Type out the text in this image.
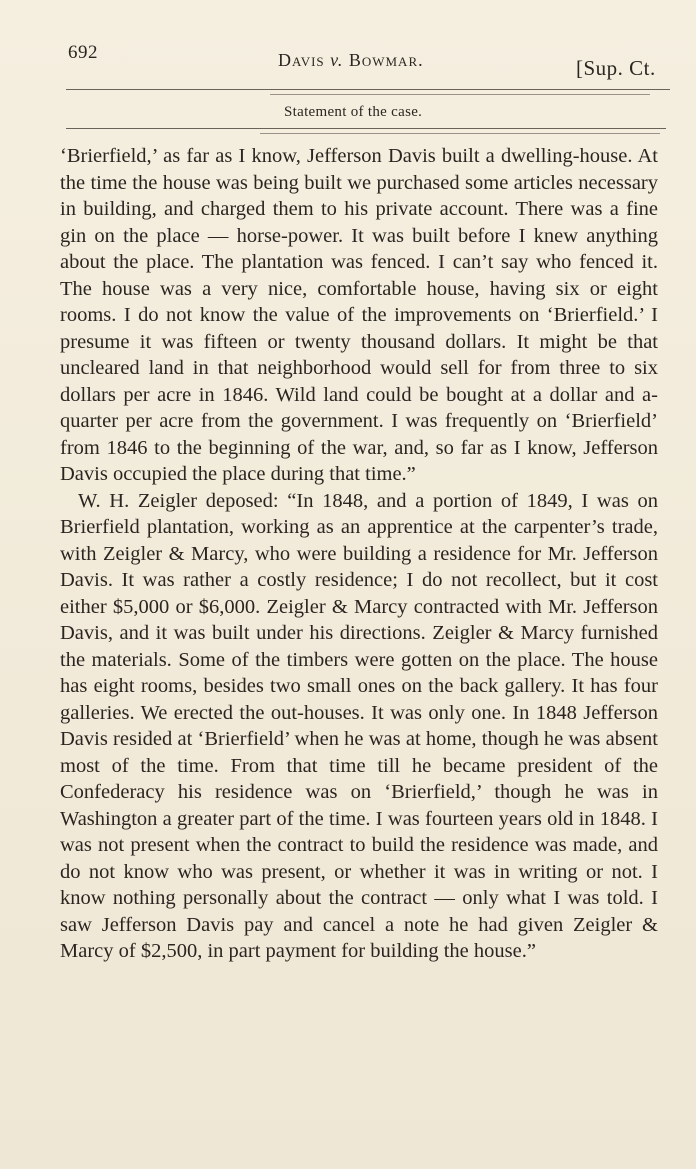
692	Davis v. Bowmar.	[Sup. Ct.
Statement of the case.

‘Brierfield,’ as far as I know, Jefferson Davis built a dwelling-house. At the time the house was being built we purchased some articles necessary in building, and charged them to his private account. There was a fine gin on the place — horse-power. It was built before I knew anything about the place. The plantation was fenced. I can’t say who fenced it. The house was a very nice, comfortable house, having six or eight rooms. I do not know the value of the improvements on ‘Brierfield.’ I presume it was fifteen or twenty thousand dollars. It might be that uncleared land in that neighborhood would sell for from three to six dollars per acre in 1846. Wild land could be bought at a dollar and a-quarter per acre from the government. I was frequently on ‘Brierfield’ from 1846 to the beginning of the war, and, so far as I know, Jefferson Davis occupied the place during that time.”

W. H. Zeigler deposed: “In 1848, and a portion of 1849, I was on Brierfield plantation, working as an apprentice at the carpenter’s trade, with Zeigler & Marcy, who were building a residence for Mr. Jefferson Davis. It was rather a costly residence; I do not recollect, but it cost either $5,000 or $6,000. Zeigler & Marcy contracted with Mr. Jefferson Davis, and it was built under his directions. Zeigler & Marcy furnished the materials. Some of the timbers were gotten on the place. The house has eight rooms, besides two small ones on the back gallery. It has four galleries. We erected the out-houses. It was only one. In 1848 Jefferson Davis resided at ‘Brierfield’ when he was at home, though he was absent most of the time. From that time till he became president of the Confederacy his residence was on ‘Brierfield,’ though he was in Washington a greater part of the time. I was fourteen years old in 1848. I was not present when the contract to build the residence was made, and do not know who was present, or whether it was in writing or not. I know nothing personally about the contract — only what I was told. I saw Jefferson Davis pay and cancel a note he had given Zeigler & Marcy of $2,500, in part payment for building the house.”
